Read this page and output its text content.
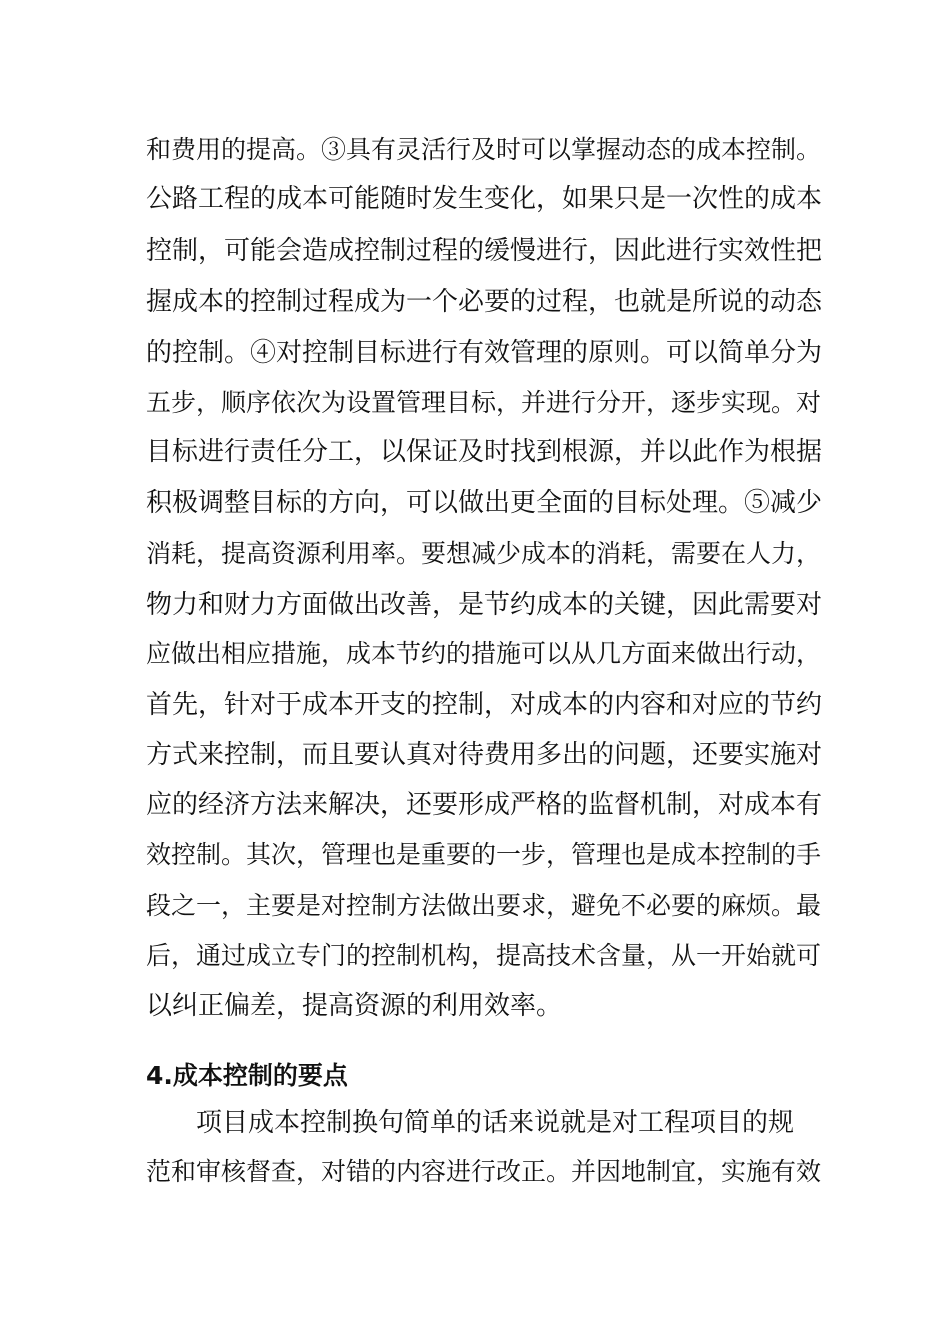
和费用的提高。③具有灵活行及时可以掌握动态的成本控制。
公路工程的成本可能随时发生变化，如果只是一次性的成本
控制，可能会造成控制过程的缓慢进行，因此进行实效性把
握成本的控制过程成为一个必要的过程，也就是所说的动态
的控制。④对控制目标进行有效管理的原则。可以简单分为
五步，顺序依次为设置管理目标，并进行分开，逐步实现。对
目标进行责任分工，以保证及时找到根源，并以此作为根据
积极调整目标的方向，可以做出更全面的目标处理。⑤减少
消耗，提高资源利用率。要想减少成本的消耗，需要在人力，
物力和财力方面做出改善，是节约成本的关键，因此需要对
应做出相应措施，成本节约的措施可以从几方面来做出行动，
首先，针对于成本开支的控制，对成本的内容和对应的节约
方式来控制，而且要认真对待费用多出的问题，还要实施对
应的经济方法来解决，还要形成严格的监督机制，对成本有
效控制。其次，管理也是重要的一步，管理也是成本控制的手
段之一，主要是对控制方法做出要求，避免不必要的麻烦。最
后，通过成立专门的控制机构，提高技术含量，从一开始就可
以纠正偏差，提高资源的利用效率。
4.成本控制的要点
项目成本控制换句简单的话来说就是对工程项目的规
范和审核督查，对错的内容进行改正。并因地制宜，实施有效
